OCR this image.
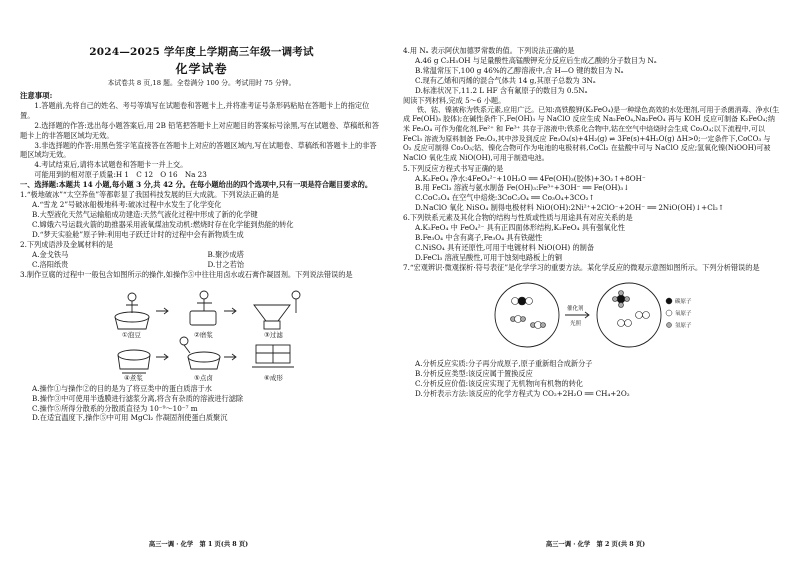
2024—2025 学年度上学期高三年级一调考试

化学试卷

本试卷共 8 页,18 题。全卷满分 100 分。考试用时 75 分钟。

注意事项:

1.答题前,先将自己的姓名、考号等填写在试题卷和答题卡上,并将准考证号条形码粘贴在答题卡上的指定位置。

2.选择题的作答:选出每小题答案后,用 2B 铅笔把答题卡上对应题目的答案标号涂黑,写在试题卷、草稿纸和答题卡上的非答题区域均无效。

3.非选择题的作答:用黑色签字笔直接答在答题卡上对应的答题区域内,写在试题卷、草稿纸和答题卡上的非答题区域均无效。

4.考试结束后,请将本试题卷和答题卡一并上交。

可能用到的相对原子质量:H 1　C 12　O 16　Na 23

一、选择题:本题共 14 小题,每小题 3 分,共 42 分。在每小题给出的四个选项中,只有一项是符合题目要求的。

1.“极地破冰”“太空养鱼”等都彰显了我国科技发展的巨大成就。下列说法正确的是

A.“雪龙 2”号破冰船极地科考:破冰过程中水发生了化学变化

B.大型液化天然气运输船成功建造:天然气液化过程中形成了新的化学键

C.嫦娥六号运载火箭的助推器采用液氧煤油发动机:燃烧时存在化学能到热能的转化

D.“梦天实验舱”原子钟:利用电子跃迁计时的过程中会有新物质生成

2.下列成语涉及金属材料的是

A.金戈铁马	B.聚沙成塔
C.洛阳纸贵	D.甘之若饴

3.制作豆腐的过程中一般包含如图所示的操作,如操作⑤中往往用卤水或石膏作凝固剂。下列说法错误的是

①泡豆	②磨浆	③过滤
④煮浆	⑤点卤	⑥成形

A.操作①与操作②的目的是为了将豆类中的蛋白质溶于水

B.操作③中可使用半透膜进行滤浆分离,将含有杂质的溶液进行滤除

C.操作⑤所得分散系的分散质直径为 10⁻⁹～10⁻⁷ m

D.在适宜温度下,操作⑤中可用 MgCl₂ 作凝固剂使蛋白质聚沉

高三一调 · 化学　第 1 页(共 8 页)

4.用 Nₐ 表示阿伏加德罗常数的值。下列说法正确的是

A.46 g C₂H₅OH 与足量酸性高锰酸钾充分反应后生成乙酸的分子数目为 Nₐ

B.常温常压下,100 g 46%的乙醇溶液中,含 H—O 键的数目为 Nₐ

C.现有乙烯和丙烯的混合气体共 14 g,其原子总数为 3Nₐ

D.标准状况下,11.2 L HF 含有氟原子的数目为 0.5Nₐ

阅读下列材料,完成 5～6 小题。

铁、钴、镍被称为铁系元素,应用广泛。已知:高铁酸钾(K₂FeO₄)是一种绿色高效的水处理剂,可用于杀菌消毒、净水(生成 Fe(OH)₃ 胶体);在碱性条件下,Fe(OH)₃ 与 NaClO 反应生成 Na₂FeO₄,Na₂FeO₄ 再与 KOH 反应可制备 K₂FeO₄;纳米 Fe₃O₄ 可作为催化剂,Fe²⁺ 和 Fe³⁺ 共存于溶液中;铁系化合物中,钴在空气中焙烧时会生成 Co₃O₄;以下流程中,可以 FeCl₃ 溶液为原料制备 Fe₂O₃,其中涉及到反应 Fe₃O₄(s)+4H₂(g) ⇌ 3Fe(s)+4H₂O(g) ΔH>0;一定条件下,CoCO₃ 与 O₂ 反应可制得 Co₂O₃;钴、镍化合物可作为电池的电极材料,CoCl₂ 在盐酸中可与 NaClO 反应;氢氧化镍(NiOOH)可被 NaClO 氧化生成 NiO(OH),可用于制造电池。

5.下列反应方程式书写正确的是

A.K₂FeO₄ 净水:4FeO₄²⁻+10H₂O ══ 4Fe(OH)₃(胶体)+3O₂↑+8OH⁻

B.用 FeCl₃ 溶液与氨水制备 Fe(OH)₃:Fe³⁺+3OH⁻ ══ Fe(OH)₃↓

C.CoC₂O₄ 在空气中焙烧:3CoC₂O₄ ══ Co₃O₄+3CO₂↑

D.NaClO 氧化 NiSO₄ 制得电极材料 NiO(OH):2Ni²⁺+2ClO⁻+2OH⁻ ══ 2NiO(OH)↓+Cl₂↑

6.下列铁系元素及其化合物的结构与性质或性质与用途具有对应关系的是

A.K₂FeO₄ 中 FeO₄²⁻ 具有正四面体形结构,K₂FeO₄ 具有强氧化性

B.Fe₃O₄ 中含有离子,Fe₃O₄ 具有铁磁性

C.NiSO₄ 具有还原性,可用于电镀材料 NiO(OH) 的制备

D.FeCl₃ 溶液呈酸性,可用于蚀刻电路板上的铜

7.“宏观辨识·微观探析·符号表征”是化学学习的重要方法。某化学反应的微观示意图如图所示。下列分析错误的是

催化剂
光照
碳原子
氧原子
氢原子

A.分析反应实质:分子再分成原子,原子重新组合成新分子

B.分析反应类型:该反应属于置换反应

C.分析反应价值:该反应实现了无机物向有机物的转化

D.分析表示方法:该反应的化学方程式为 CO₂+2H₂O ══ CH₄+2O₂

高三一调 · 化学　第 2 页(共 8 页)
